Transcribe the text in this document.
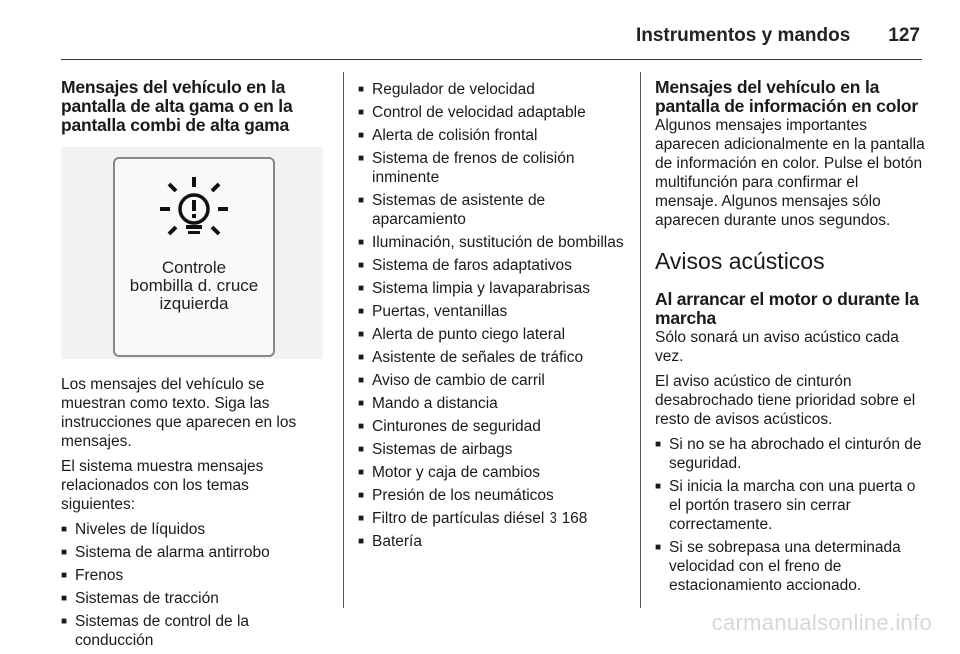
Instrumentos y mandos 127
Mensajes del vehículo en la pantalla de alta gama o en la pantalla combi de alta gama
Controle
bombilla d. cruce
izquierda

Los mensajes del vehículo se muestran como texto. Siga las instrucciones que aparecen en los mensajes.

El sistema muestra mensajes relacionados con los temas siguientes:

■ Niveles de líquidos
■ Sistema de alarma antirrobo
■ Frenos
■ Sistemas de tracción
■ Sistemas de control de la conducción
■ Regulador de velocidad
■ Control de velocidad adaptable
■ Alerta de colisión frontal
■ Sistema de frenos de colisión inminente
■ Sistemas de asistente de aparcamiento
■ Iluminación, sustitución de bombillas
■ Sistema de faros adaptativos
■ Sistema limpia y lavaparabrisas
■ Puertas, ventanillas
■ Alerta de punto ciego lateral
■ Asistente de señales de tráfico
■ Aviso de cambio de carril
■ Mando a distancia
■ Cinturones de seguridad
■ Sistemas de airbags
■ Motor y caja de cambios
■ Presión de los neumáticos
■ Filtro de partículas diésel 3 168
■ Batería
Mensajes del vehículo en la pantalla de información en color

Algunos mensajes importantes aparecen adicionalmente en la pantalla de información en color. Pulse el botón multifunción para confirmar el mensaje. Algunos mensajes sólo aparecen durante unos segundos.

Avisos acústicos
Al arrancar el motor o durante la marcha

Sólo sonará un aviso acústico cada vez.

El aviso acústico de cinturón desabrochado tiene prioridad sobre el resto de avisos acústicos.

■ Si no se ha abrochado el cinturón de seguridad.
■ Si inicia la marcha con una puerta o el portón trasero sin cerrar correctamente.
■ Si se sobrepasa una determinada velocidad con el freno de estacionamiento accionado.
carmanualsonline.info
